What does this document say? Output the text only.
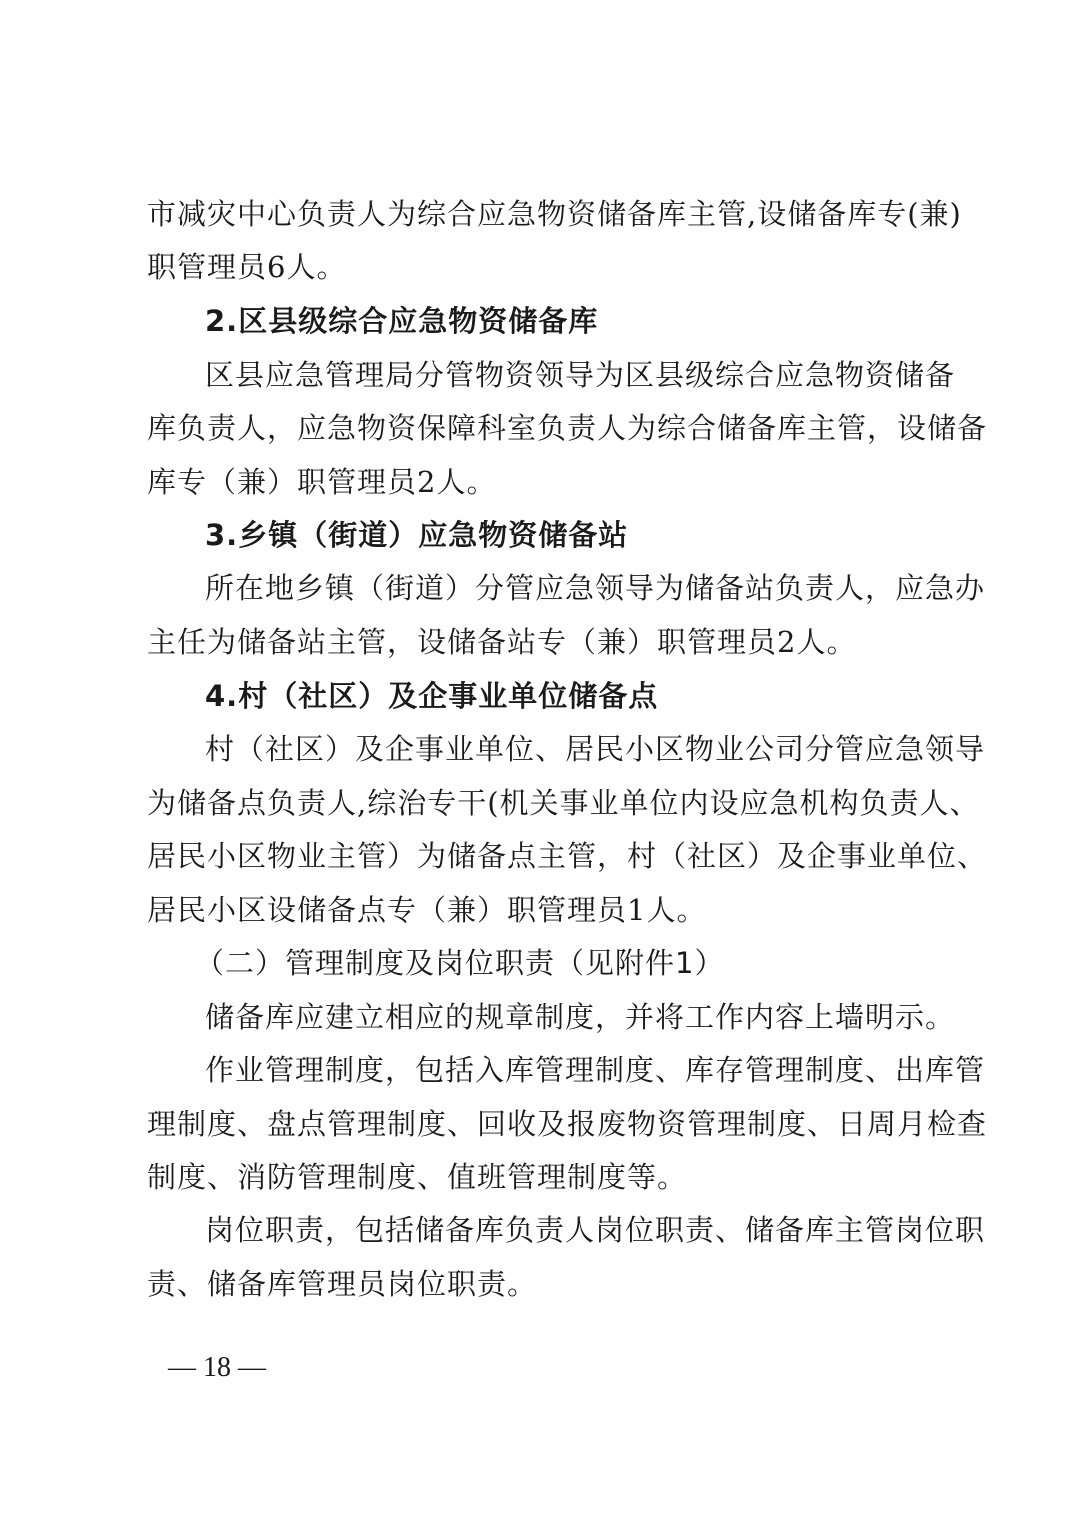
市减灾中心负责人为综合应急物资储备库主管,设储备库专(兼)
职管理员6人。
2.区县级综合应急物资储备库
区县应急管理局分管物资领导为区县级综合应急物资储备
库负责人，应急物资保障科室负责人为综合储备库主管，设储备
库专（兼）职管理员2人。
3.乡镇（街道）应急物资储备站
所在地乡镇（街道）分管应急领导为储备站负责人，应急办
主任为储备站主管，设储备站专（兼）职管理员2人。
4.村（社区）及企事业单位储备点
村（社区）及企事业单位、居民小区物业公司分管应急领导
为储备点负责人,综治专干(机关事业单位内设应急机构负责人、
居民小区物业主管）为储备点主管，村（社区）及企事业单位、
居民小区设储备点专（兼）职管理员1人。
（二）管理制度及岗位职责（见附件1）
储备库应建立相应的规章制度，并将工作内容上墙明示。
作业管理制度，包括入库管理制度、库存管理制度、出库管
理制度、盘点管理制度、回收及报废物资管理制度、日周月检查
制度、消防管理制度、值班管理制度等。
岗位职责，包括储备库负责人岗位职责、储备库主管岗位职
责、储备库管理员岗位职责。
— 18 —
